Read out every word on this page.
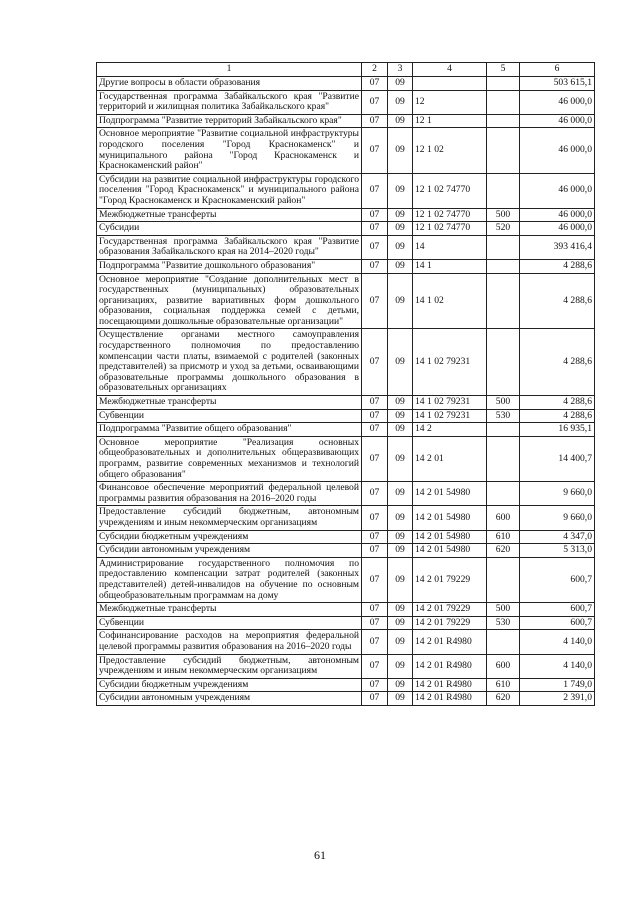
1	2	3	4	5	6
Другие вопросы в области образования	07	09			503 615,1
Государственная программа Забайкальского края "Развитие территорий и жилищная политика Забайкальского края"	07	09	12		46 000,0
Подпрограмма "Развитие территорий Забайкальского края"	07	09	12 1		46 000,0
Основное мероприятие "Развитие социальной инфраструктуры городского поселения "Город Краснокаменск" и муниципального района "Город Краснокаменск и Краснокаменский район"	07	09	12 1 02		46 000,0
Субсидии на развитие социальной инфраструктуры городского поселения "Город Краснокаменск" и муниципального района "Город Краснокаменск и Краснокаменский район"	07	09	12 1 02 74770		46 000,0
Межбюджетные трансферты	07	09	12 1 02 74770	500	46 000,0
Субсидии	07	09	12 1 02 74770	520	46 000,0
Государственная программа Забайкальского края "Развитие образования Забайкальского края на 2014–2020 годы"	07	09	14		393 416,4
Подпрограмма "Развитие дошкольного образования"	07	09	14 1		4 288,6
Основное мероприятие "Создание дополнительных мест в государственных (муниципальных) образовательных организациях, развитие вариативных форм дошкольного образования, социальная поддержка семей с детьми, посещающими дошкольные образовательные организации"	07	09	14 1 02		4 288,6
Осуществление органами местного самоуправления государственного полномочия по предоставлению компенсации части платы, взимаемой с родителей (законных представителей) за присмотр и уход за детьми, осваивающими образовательные программы дошкольного образования в образовательных организациях	07	09	14 1 02 79231		4 288,6
Межбюджетные трансферты	07	09	14 1 02 79231	500	4 288,6
Субвенции	07	09	14 1 02 79231	530	4 288,6
Подпрограмма "Развитие общего образования"	07	09	14 2		16 935,1
Основное мероприятие "Реализация основных общеобразовательных и дополнительных общеразвивающих программ, развитие современных механизмов и технологий общего образования"	07	09	14 2 01		14 400,7
Финансовое обеспечение мероприятий федеральной целевой программы развития образования на 2016–2020 годы	07	09	14 2 01 54980		9 660,0
Предоставление субсидий бюджетным, автономным учреждениям и иным некоммерческим организациям	07	09	14 2 01 54980	600	9 660,0
Субсидии бюджетным учреждениям	07	09	14 2 01 54980	610	4 347,0
Субсидии автономным учреждениям	07	09	14 2 01 54980	620	5 313,0
Администрирование государственного полномочия по предоставлению компенсации затрат родителей (законных представителей) детей-инвалидов на обучение по основным общеобразовательным программам на дому	07	09	14 2 01 79229		600,7
Межбюджетные трансферты	07	09	14 2 01 79229	500	600,7
Субвенции	07	09	14 2 01 79229	530	600,7
Софинансирование расходов на мероприятия федеральной целевой программы развития образования на 2016–2020 годы	07	09	14 2 01 R4980		4 140,0
Предоставление субсидий бюджетным, автономным учреждениям и иным некоммерческим организациям	07	09	14 2 01 R4980	600	4 140,0
Субсидии бюджетным учреждениям	07	09	14 2 01 R4980	610	1 749,0
Субсидии автономным учреждениям	07	09	14 2 01 R4980	620	2 391,0
61
